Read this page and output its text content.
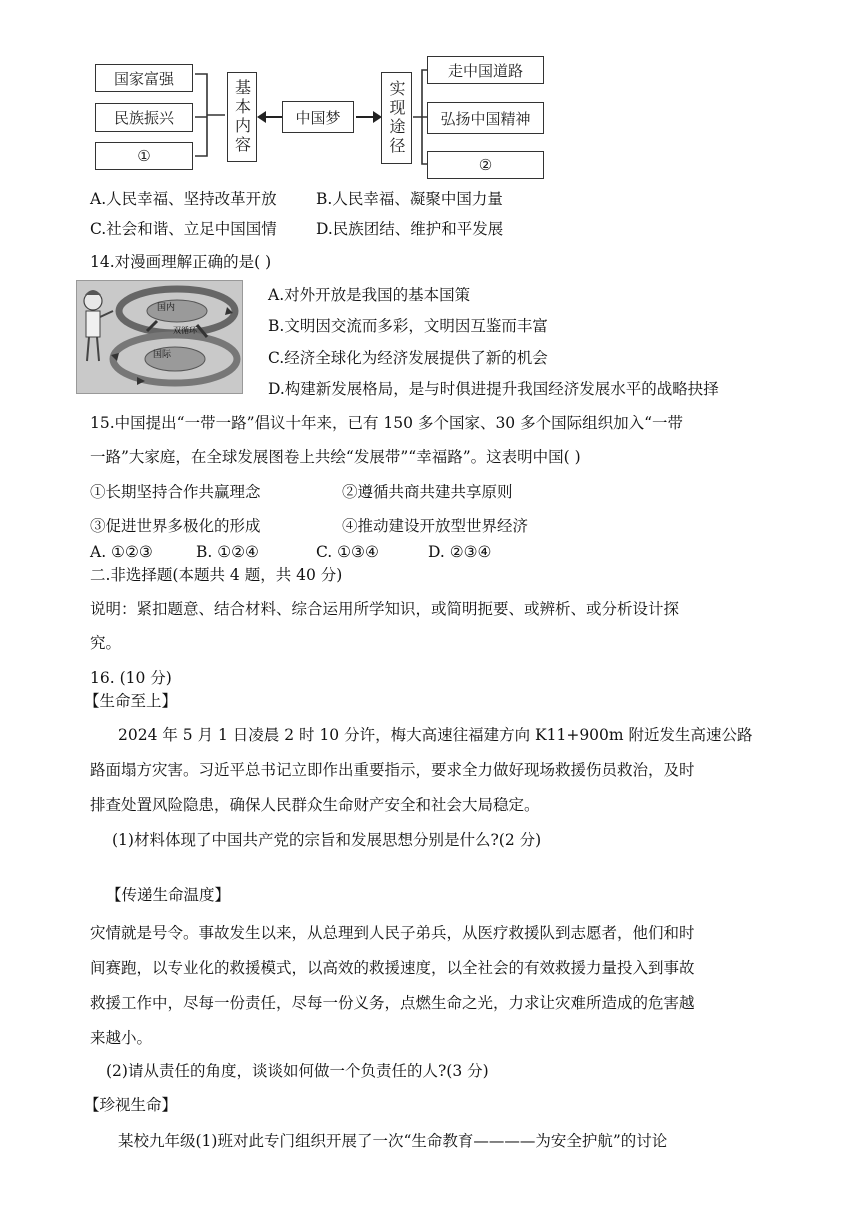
国家富强
民族振兴
①
基本内容	中国梦	实现途径
走中国道路
弘扬中国精神
②
A.人民幸福、坚持改革开放	B.人民幸福、凝聚中国力量
C.社会和谐、立足中国国情	D.民族团结、维护和平发展
14.对漫画理解正确的是( )
国内
双循环
国际
A.对外开放是我国的基本国策
B.文明因交流而多彩，文明因互鉴而丰富
C.经济全球化为经济发展提供了新的机会
D.构建新发展格局，是与时俱进提升我国经济发展水平的战略抉择
15.中国提出“一带一路”倡议十年来，已有 150 多个国家、30 多个国际组织加入“一带
一路”大家庭，在全球发展图卷上共绘“发展带”“幸福路”。这表明中国( )
①长期坚持合作共赢理念	②遵循共商共建共享原则
③促进世界多极化的形成	④推动建设开放型世界经济
A. ①②③	B. ①②④	C. ①③④	D. ②③④
二.非选择题(本题共 4 题，共 40 分)
说明：紧扣题意、结合材料、综合运用所学知识，或简明扼要、或辨析、或分析设计探
究。
16. (10 分)
【生命至上】
2024 年 5 月 1 日凌晨 2 时 10 分许，梅大高速往福建方向 K11+900m 附近发生高速公路
路面塌方灾害。习近平总书记立即作出重要指示，要求全力做好现场救援伤员救治，及时
排查处置风险隐患，确保人民群众生命财产安全和社会大局稳定。
(1)材料体现了中国共产党的宗旨和发展思想分别是什么?(2 分)
【传递生命温度】
灾情就是号令。事故发生以来，从总理到人民子弟兵，从医疗救援队到志愿者，他们和时
间赛跑，以专业化的救援模式，以高效的救援速度，以全社会的有效救援力量投入到事故
救援工作中，尽每一份责任，尽每一份义务，点燃生命之光，力求让灾难所造成的危害越
来越小。
(2)请从责任的角度，谈谈如何做一个负责任的人?(3 分)
【珍视生命】
某校九年级(1)班对此专门组织开展了一次“生命教育————为安全护航”的讨论
